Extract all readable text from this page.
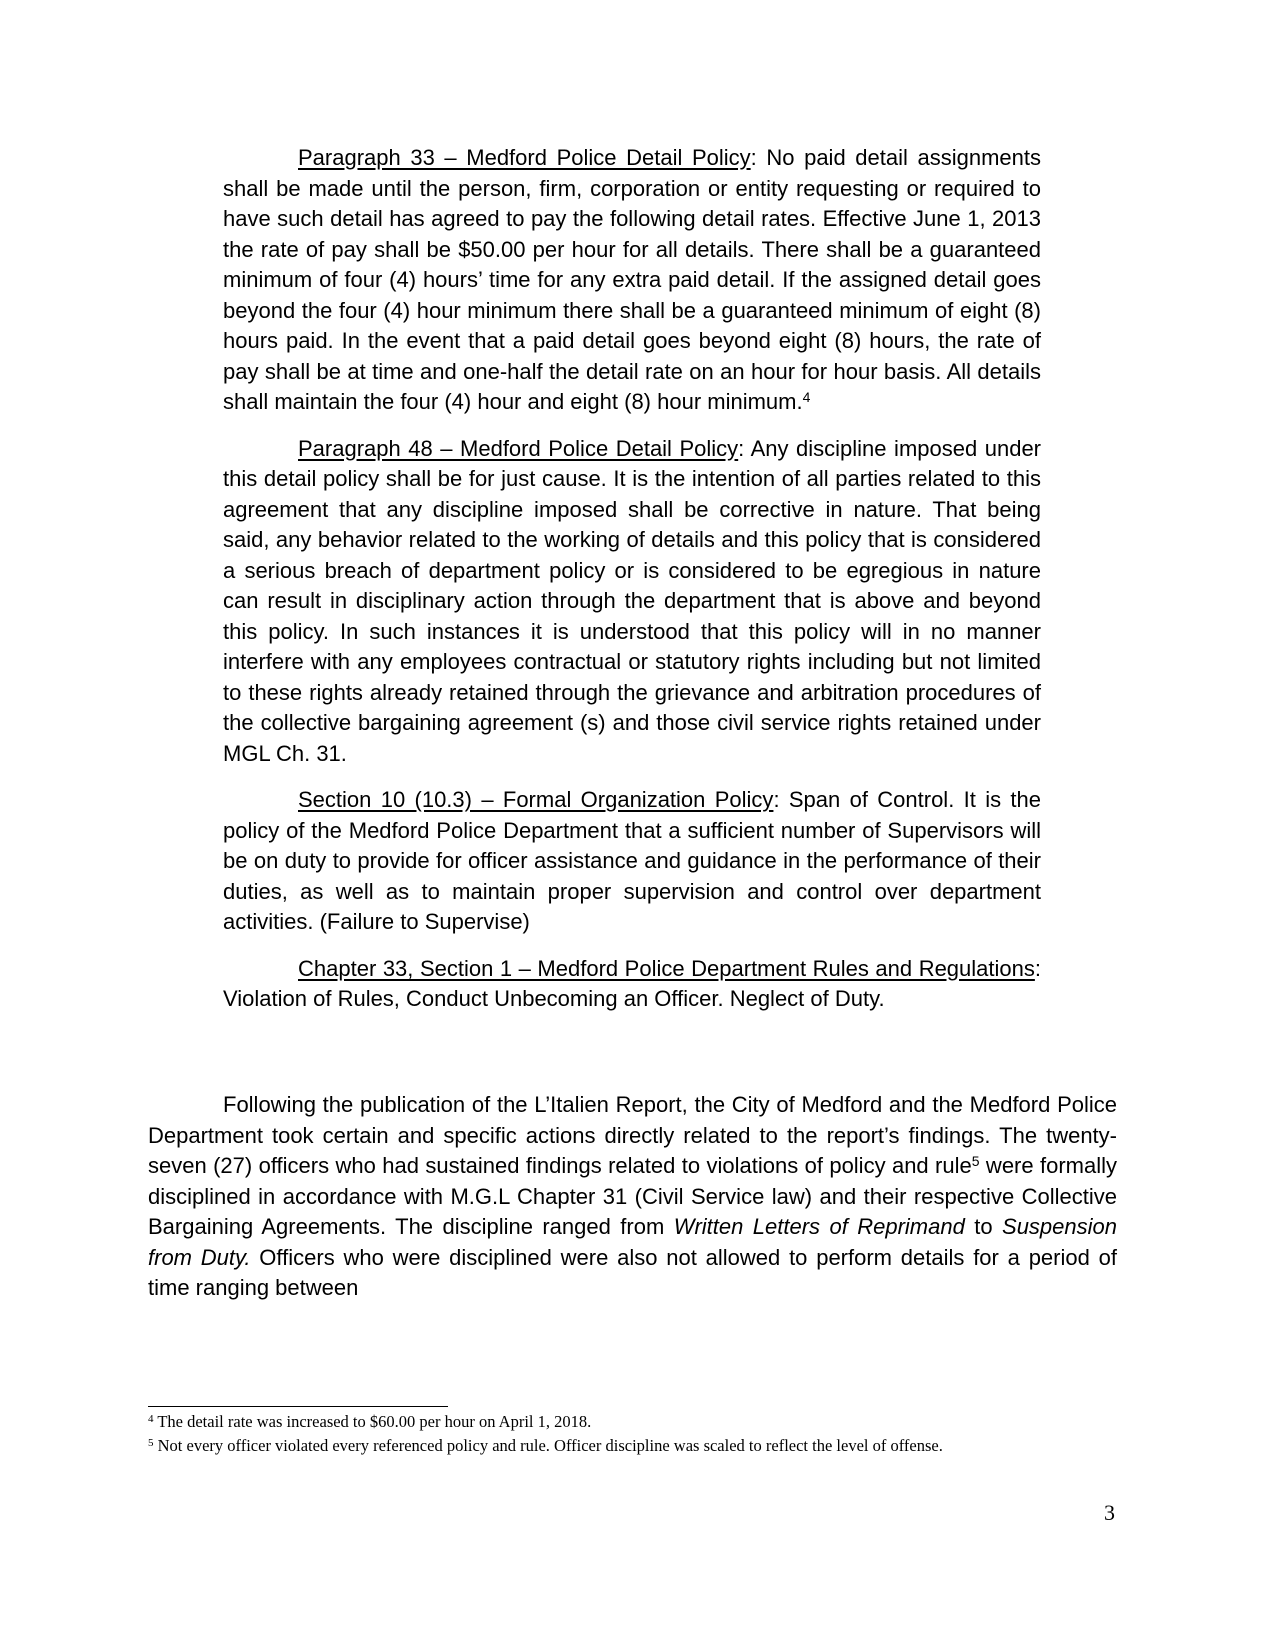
Paragraph 33 – Medford Police Detail Policy: No paid detail assignments shall be made until the person, firm, corporation or entity requesting or required to have such detail has agreed to pay the following detail rates. Effective June 1, 2013 the rate of pay shall be $50.00 per hour for all details. There shall be a guaranteed minimum of four (4) hours’ time for any extra paid detail. If the assigned detail goes beyond the four (4) hour minimum there shall be a guaranteed minimum of eight (8) hours paid. In the event that a paid detail goes beyond eight (8) hours, the rate of pay shall be at time and one-half the detail rate on an hour for hour basis. All details shall maintain the four (4) hour and eight (8) hour minimum.$^4$

Paragraph 48 – Medford Police Detail Policy: Any discipline imposed under this detail policy shall be for just cause. It is the intention of all parties related to this agreement that any discipline imposed shall be corrective in nature. That being said, any behavior related to the working of details and this policy that is considered a serious breach of department policy or is considered to be egregious in nature can result in disciplinary action through the department that is above and beyond this policy. In such instances it is understood that this policy will in no manner interfere with any employees contractual or statutory rights including but not limited to these rights already retained through the grievance and arbitration procedures of the collective bargaining agreement (s) and those civil service rights retained under MGL Ch. 31.

Section 10 (10.3) – Formal Organization Policy: Span of Control. It is the policy of the Medford Police Department that a sufficient number of Supervisors will be on duty to provide for officer assistance and guidance in the performance of their duties, as well as to maintain proper supervision and control over department activities. (Failure to Supervise)

Chapter 33, Section 1 – Medford Police Department Rules and Regulations: Violation of Rules, Conduct Unbecoming an Officer. Neglect of Duty.

Following the publication of the L’Italien Report, the City of Medford and the Medford Police Department took certain and specific actions directly related to the report’s findings. The twenty-seven (27) officers who had sustained findings related to violations of policy and rule$^5$ were formally disciplined in accordance with M.G.L Chapter 31 (Civil Service law) and their respective Collective Bargaining Agreements. The discipline ranged from Written Letters of Reprimand to Suspension from Duty. Officers who were disciplined were also not allowed to perform details for a period of time ranging between

$^4$ The detail rate was increased to $60.00 per hour on April 1, 2018.

$^5$ Not every officer violated every referenced policy and rule. Officer discipline was scaled to reflect the level of offense.

3
